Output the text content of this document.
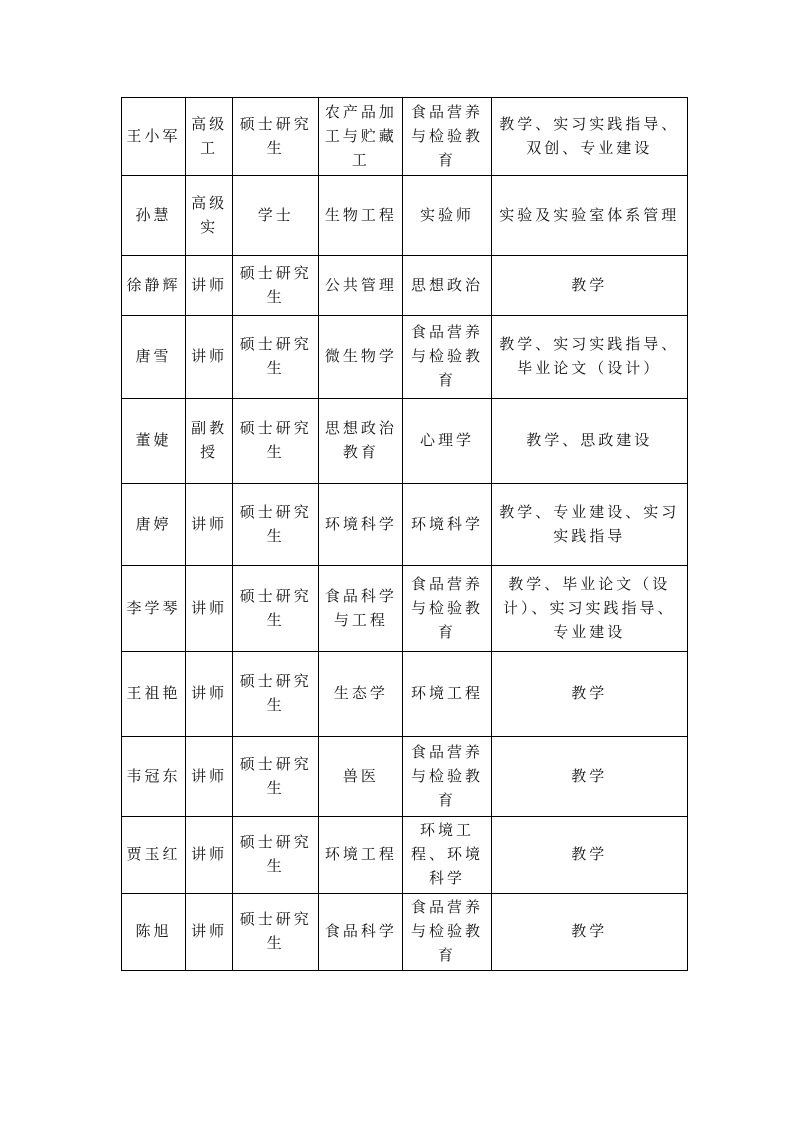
王小军	高级工	硕士研究生	农产品加工与贮藏工	食品营养与检验教育	教学、实习实践指导、双创、专业建设
孙慧	高级实	学士	生物工程	实验师	实验及实验室体系管理
徐静辉	讲师	硕士研究生	公共管理	思想政治	教学
唐雪	讲师	硕士研究生	微生物学	食品营养与检验教育	教学、实习实践指导、毕业论文（设计）
董婕	副教授	硕士研究生	思想政治教育	心理学	教学、思政建设
唐婷	讲师	硕士研究生	环境科学	环境科学	教学、专业建设、实习实践指导
李学琴	讲师	硕士研究生	食品科学与工程	食品营养与检验教育	教学、毕业论文（设计）、实习实践指导、专业建设
王祖艳	讲师	硕士研究生	生态学	环境工程	教学
韦冠东	讲师	硕士研究生	兽医	食品营养与检验教育	教学
贾玉红	讲师	硕士研究生	环境工程	环境工程、环境科学	教学
陈旭	讲师	硕士研究生	食品科学	食品营养与检验教育	教学
